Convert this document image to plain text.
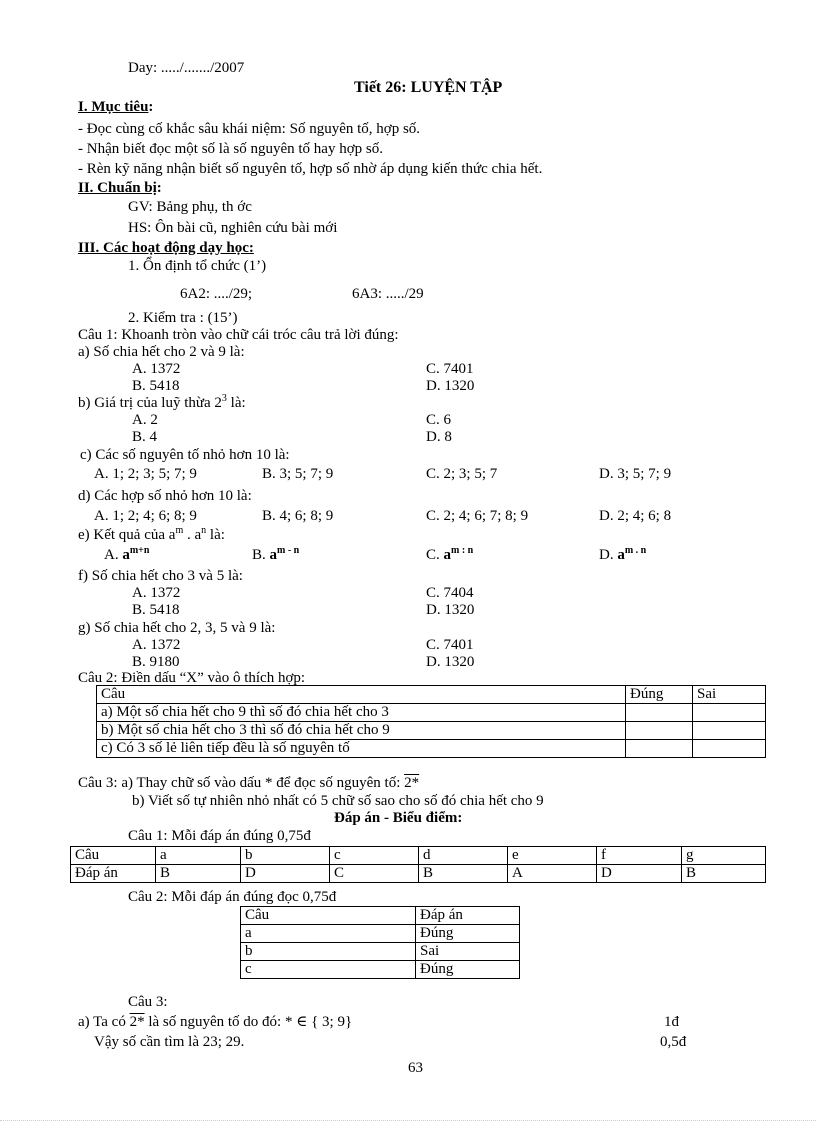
Day: ...../......./2007
Tiết 26: LUYỆN TẬP
I. Mục tiêu:
- Đọc cùng cố khắc sâu khái niệm: Số nguyên tố, hợp số.
- Nhận biết đọc một số là số nguyên tố hay hợp số.
- Rèn kỹ năng nhận biết số nguyên tố, hợp số nhờ áp dụng kiến thức chia hết.
II. Chuẩn bị:
GV: Bảng phụ, th ớc
HS: Ôn bài cũ, nghiên cứu bài mới
III. Các hoạt động dạy học:
1. Ổn định tổ chức (1’)
6A2: ..../29;	6A3: ...../29
2. Kiểm tra : (15’)
Câu 1: Khoanh tròn vào chữ cái tróc câu trả lời đúng:
a) Số chia hết cho 2 và 9 là:
A. 1372	C. 7401
B. 5418	D. 1320
b) Giá trị của luỹ thừa $2^3$ là:
A. 2	C. 6
B. 4	D. 8
c) Các số nguyên tố nhỏ hơn 10 là:
A. 1; 2; 3; 5; 7; 9	B. 3; 5; 7; 9	C. 2; 3; 5; 7	D. 3; 5; 7; 9
d) Các hợp số nhỏ hơn 10 là:
A. 1; 2; 4; 6; 8; 9	B. 4; 6; 8; 9	C. 2; 4; 6; 7; 8; 9	D. 2; 4; 6; 8
e) Kết quả của $a^m$ . $a^n$ là:
A. $a^{m+n}$	B. $a^{m - n}$	C. $a^{m : n}$	D. $a^{m . n}$
f) Số chia hết cho 3 và 5 là:
A. 1372	C. 7404
B. 5418	D. 1320
g) Số chia hết cho 2, 3, 5 và 9 là:
A. 1372	C. 7401
B. 9180	D. 1320
Câu 2: Điền dấu “X” vào ô thích hợp:
Câu	Đúng	Sai
a) Một số chia hết cho 9 thì số đó chia hết cho 3		
b) Một số chia hết cho 3 thì số đó chia hết cho 9		
c) Có 3 số lẻ liên tiếp đều là số nguyên tố		
Câu 3: a) Thay chữ số vào dấu * để đọc số nguyên tố: 2*
b) Viết số tự nhiên nhỏ nhất có 5 chữ số sao cho số đó chia hết cho 9
Đáp án - Biểu điểm:
Câu 1: Mỗi đáp án đúng 0,75đ
Câu	a	b	c	d	e	f	g
Đáp án	B	D	C	B	A	D	B
Câu 2: Mỗi đáp án đúng đọc 0,75đ
Câu	Đáp án
a	Đúng
b	Sai
c	Đúng
Câu 3:
a) Ta có 2* là số nguyên tố do đó: * ∈ { 3; 9}	1đ
Vậy số cần tìm là 23; 29.	0,5đ
63
